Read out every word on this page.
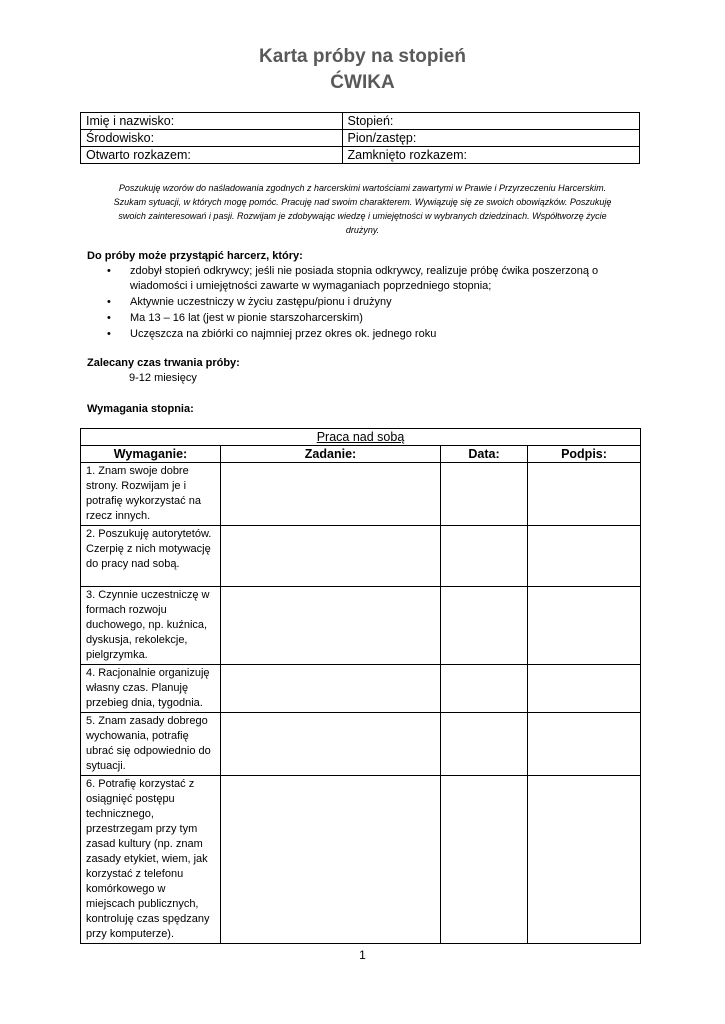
Karta próby na stopień
ĆWIKA
Imię i nazwisko:	Stopień:
Środowisko:	Pion/zastęp:
Otwarto rozkazem:	Zamknięto rozkazem:
Poszukuję wzorów do naśladowania zgodnych z harcerskimi wartościami zawartymi w Prawie i Przyrzeczeniu Harcerskim.
Szukam sytuacji, w których mogę pomóc. Pracuję nad swoim charakterem. Wywiązuję się ze swoich obowiązków. Poszukuję
swoich zainteresowań i pasji. Rozwijam je zdobywając wiedzę i umiejętności w wybranych dziedzinach. Współtworzę życie
drużyny.
Do próby może przystąpić harcerz, który:
• zdobył stopień odkrywcy; jeśli nie posiada stopnia odkrywcy, realizuje próbę ćwika poszerzoną o wiadomości i umiejętności zawarte w wymaganiach poprzedniego stopnia;
• Aktywnie uczestniczy w życiu zastępu/pionu i drużyny
• Ma 13 – 16 lat (jest w pionie starszoharcerskim)
• Uczęszcza na zbiórki co najmniej przez okres ok. jednego roku
Zalecany czas trwania próby:
9-12 miesięcy
Wymagania stopnia:
Praca nad sobą			
Wymaganie:	Zadanie:	Data:	Podpis:
1. Znam swoje dobre strony. Rozwijam je i potrafię wykorzystać na rzecz innych.			
2. Poszukuję autorytetów. Czerpię z nich motywację do pracy nad sobą.			
3. Czynnie uczestniczę w formach rozwoju duchowego, np. kuźnica, dyskusja, rekolekcje, pielgrzymka.			
4. Racjonalnie organizuję własny czas. Planuję przebieg dnia, tygodnia.			
5. Znam zasady dobrego wychowania, potrafię ubrać się odpowiednio do sytuacji.			
6. Potrafię korzystać z osiągnięć postępu technicznego, przestrzegam przy tym zasad kultury (np. znam zasady etykiet, wiem, jak korzystać z telefonu komórkowego w miejscach publicznych, kontroluję czas spędzany przy komputerze).			
1
